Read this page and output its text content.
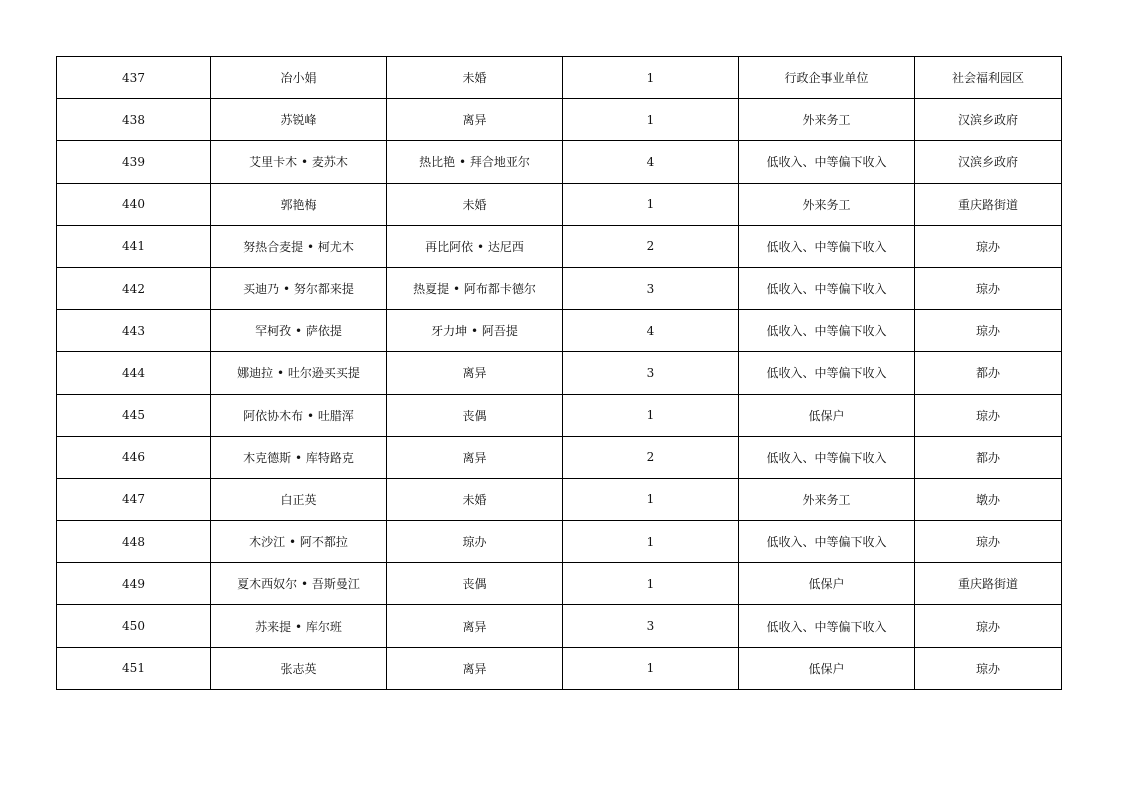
437	冶小娟	未婚	1	行政企事业单位	社会福利园区
438	苏锐峰	离异	1	外来务工	汉滨乡政府
439	艾里卡木 • 麦苏木	热比艳 • 拜合地亚尔	4	低收入、中等偏下收入	汉滨乡政府
440	郭艳梅	未婚	1	外来务工	重庆路街道
441	努热合麦提 • 柯尤木	再比阿依 • 达尼西	2	低收入、中等偏下收入	琼办
442	买迪乃 • 努尔都来提	热夏提 • 阿布都卡德尔	3	低收入、中等偏下收入	琼办
443	罕柯孜 • 萨依提	牙力坤 • 阿吾提	4	低收入、中等偏下收入	琼办
444	娜迪拉 • 吐尔逊买买提	离异	3	低收入、中等偏下收入	都办
445	阿依协木布 • 吐腊浑	丧偶	1	低保户	琼办
446	木克德斯 • 库特路克	离异	2	低收入、中等偏下收入	都办
447	白正英	未婚	1	外来务工	墩办
448	木沙江 • 阿不都拉	琼办	1	低收入、中等偏下收入	琼办
449	夏木西奴尔 • 吾斯曼江	丧偶	1	低保户	重庆路街道
450	苏来提 • 库尔班	离异	3	低收入、中等偏下收入	琼办
451	张志英	离异	1	低保户	琼办
